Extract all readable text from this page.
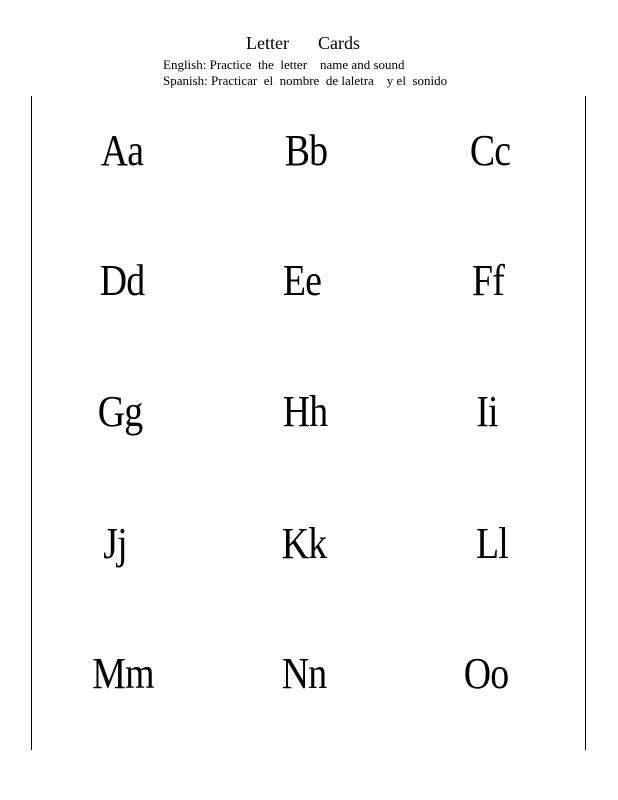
Letter Cards
English: Practice  the  letter    name and sound
Spanish: Practicar  el  nombre  de laletra    y el  sonido
Aa	Bb	Cc
Dd	Ee	Ff
Gg	Hh	Ii
Jj	Kk	Ll
Mm	Nn	Oo
